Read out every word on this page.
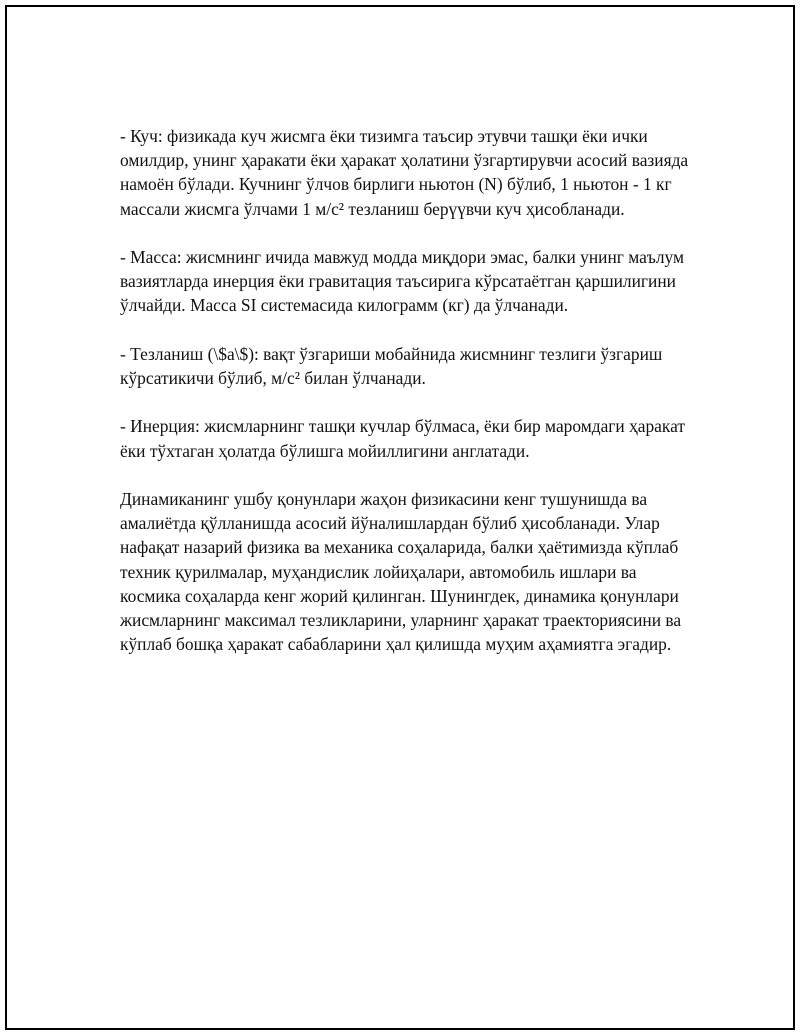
- Куч: физикада куч жисмга ёки тизимга таъсир этувчи ташқи ёки ички омилдир, унинг ҳаракати ёки ҳаракат ҳолатини ўзгартирувчи асосий вазияда намоён бўлади. Кучнинг ўлчов бирлиги ньютон (N) бўлиб, 1 ньютон - 1 кг массали жисмга ўлчами 1 м/с² тезланиш берүүвчи куч ҳисобланади.

- Масса: жисмнинг ичида мавжуд модда миқдори эмас, балки унинг маълум вазиятларда инерция ёки гравитация таъсирига кўрсатаётган қаршилигини ўлчайди. Масса SI системасида килограмм (кг) да ўлчанади.

- Тезланиш (\$a\$): вақт ўзгариши мобайнида жисмнинг тезлиги ўзгариш кўрсатикичи бўлиб, м/с² билан ўлчанади.

- Инерция: жисмларнинг ташқи кучлар бўлмаса, ёки бир маромдаги ҳаракат ёки тўхтаган ҳолатда бўлишга мойиллигини англатади.

Динамиканинг ушбу қонунлари жаҳон физикасини кенг тушунишда ва амалиётда қўлланишда асосий йўналишлардан бўлиб ҳисобланади. Улар нафақат назарий физика ва механика соҳаларида, балки ҳаётимизда кўплаб техник қурилмалар, муҳандислик лойиҳалари, автомобиль ишлари ва космика соҳаларда кенг жорий қилинган. Шунингдек, динамика қонунлари жисмларнинг максимал тезликларини, уларнинг ҳаракат траекториясини ва кўплаб бошқа ҳаракат сабабларини ҳал қилишда муҳим аҳамиятга эгадир.
